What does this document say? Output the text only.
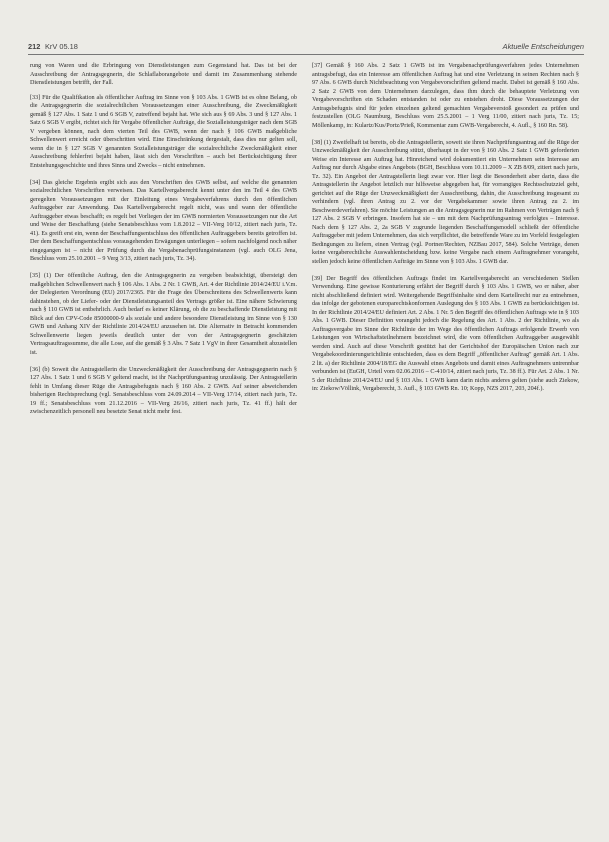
212 KrV 05.18	Aktuelle Entscheidungen

rung von Waren und die Erbringung von Dienstleistungen zum Gegenstand hat. Das ist bei der Ausschreibung der Antragsgegnerin, die Schlaflaborangebote und damit im Zusammenhang stehende Dienstleistungen betrifft, der Fall.

[33] Für die Qualifikation als öffentlicher Auftrag im Sinne von § 103 Abs. 1 GWB ist es ohne Belang, ob die Antragsgegnerin die sozialrechtlichen Voraussetzungen einer Ausschreibung, die Zweckmäßigkeit gemäß § 127 Abs. 1 Satz 1 und 6 SGB V, zutreffend bejaht hat. Wie sich aus § 69 Abs. 3 und § 127 Abs. 1 Satz 6 SGB V ergibt, richtet sich für Vergabe öffentlicher Aufträge, die Sozialleistungsträger nach dem SGB V vergeben können, nach dem vierten Teil des GWB, wenn der nach § 106 GWB maßgebliche Schwellenwert erreicht oder überschritten wird. Eine Einschränkung dergestalt, dass dies nur gelten soll, wenn die in § 127 SGB V genannten Sozialleistungsträger die sozialrechtliche Zweckmäßigkeit einer Ausschreibung fehlerfrei bejaht haben, lässt sich den Vorschriften – auch bei Berücksichtigung ihrer Entstehungsgeschichte und ihres Sinns und Zwecks – nicht entnehmen.

[34] Das gleiche Ergebnis ergibt sich aus den Vorschriften des GWB selbst, auf welche die genannten sozialrechtlichen Vorschriften verweisen. Das Kartellvergaberecht kennt unter den im Teil 4 des GWB geregelten Voraussetzungen mit der Einleitung eines Vergabeverfahrens durch den öffentlichen Auftraggeber zur Anwendung. Das Kartellvergaberecht regelt nicht, was und wann der öffentliche Auftraggeber etwas beschafft; es regelt bei Vorliegen der im GWB normierten Voraussetzungen nur die Art und Weise der Beschaffung (siehe Senatsbeschluss vom 1.8.2012 – VII-Verg 10/12, zitiert nach juris, Tz. 41). Es greift erst ein, wenn der Beschaffungsentschluss des öffentlichen Auftraggebers bereits getroffen ist. Der dem Beschaffungsentschluss vorausgehenden Erwägungen unterliegen – sofern nachfolgend noch näher eingegangen ist – nicht der Prüfung durch die Vergabenachprüfungsinstanzen (vgl. auch OLG Jena, Beschluss vom 25.10.2001 – 9 Verg 3/13, zitiert nach juris, Tz. 34).

[35] (1) Der öffentliche Auftrag, den die Antragsgegnerin zu vergeben beabsichtigt, übersteigt den maßgeblichen Schwellenwert nach § 106 Abs. 1 Abs. 2 Nr. 1 GWB, Art. 4 der Richtlinie 2014/24/EU i.V.m. der Delegierten Verordnung (EU) 2017/2365. Für die Frage des Überschreitens des Schwellenwerts kann dahinstehen, ob der Liefer- oder der Dienstleistungsanteil des Vertrags größer ist. Eine nähere Schwierung nach § 110 GWB ist entbehrlich. Auch bedarf es keiner Klärung, ob die zu beschaffende Dienstleistung mit Blick auf den CPV-Code 85000000-9 als soziale und andere besondere Dienstleistung im Sinne von § 130 GWB und Anhang XIV der Richtlinie 2014/24/EU anzusehen ist. Die Alternativ in Betracht kommenden Schwellenwerte liegen jeweils deutlich unter der von der Antragsgegnerin geschätzten Vertragsauftragssumme, die alle Lose, auf die gemäß § 3 Abs. 7 Satz 1 VgV in ihrer Gesamtheit abzustellen ist.

[36] (b) Soweit die Antragstellerin die Unzweckmäßigkeit der Ausschreibung der Antragsgegnerin nach § 127 Abs. 1 Satz 1 und 6 SGB V geltend macht, ist ihr Nachprüfungsantrag unzulässig. Der Antragstellerin fehlt in Umfang dieser Rüge die Antragsbefugnis nach § 160 Abs. 2 GWB. Auf seiner abweichenden bisherigen Rechtsprechung (vgl. Senatsbeschluss vom 24.09.2014 – VII-Verg 17/14, zitiert nach juris, Tz. 19 ff.; Senatsbeschluss vom 21.12.2016 – VII-Verg 26/16, zitiert nach juris, Tz. 41 ff.) hält der zwischenzeitlich personell neu besetzte Senat nicht mehr fest.

[37] Gemäß § 160 Abs. 2 Satz 1 GWB ist im Vergabenachprüfungsverfahren jedes Unternehmen antragsbefugt, das ein Interesse am öffentlichen Auftrag hat und eine Verletzung in seinen Rechten nach § 97 Abs. 6 GWB durch Nichtbeachtung von Vergabevorschriften geltend macht. Dabei ist gemäß § 160 Abs. 2 Satz 2 GWB von dem Unternehmen darzulegen, dass ihm durch die behauptete Verletzung von Vergabevorschriften ein Schaden entstanden ist oder zu entstehen droht. Diese Voraussetzungen der Antragsbefugnis sind für jeden einzelnen geltend gemachten Vergabeverstoß gesondert zu prüfen und festzustellen (OLG Naumburg, Beschluss vom 25.5.2001 – 1 Verg 11/00, zitiert nach juris, Tz. 15; Möllenkamp, in: Kulartz/Kus/Portz/Prieß, Kommentar zum GWB-Vergaberecht, 4. Aufl., § 160 Rn. 58).

[38] (1) Zweifelhaft ist bereits, ob die Antragstellerin, soweit sie ihren Nachprüfungsantrag auf die Rüge der Unzweckmäßigkeit der Ausschreibung stützt, überhaupt in der von § 160 Abs. 2 Satz 1 GWB geforderten Weise ein Interesse am Auftrag hat. Hinreichend wird dokumentiert ein Unternehmen sein Interesse am Auftrag nur durch Abgabe eines Angebots (BGH, Beschluss vom 10.11.2009 – X ZB 8/09, zitiert nach juris, Tz. 32). Ein Angebot der Antragstellerin liegt zwar vor. Hier liegt die Besonderheit aber darin, dass die Antragstellerin ihr Angebot letztlich nur hilfsweise abgegeben hat, für vorrangiges Rechtsschutzziel geht, gerichtet auf die Rüge der Unzweckmäßigkeit der Ausschreibung, dahin, die Ausschreibung insgesamt zu verhindern (vgl. ihren Antrag zu 2. vor der Vergabekammer sowie ihren Antrag zu 2. im Beschwerdeverfahren). Sie möchte Leistungen an die Antragsgegnerin nur im Rahmen von Verträgen nach § 127 Abs. 2 SGB V erbringen. Insofern hat sie – um mit dem Nachprüfungsantrag verfolgtes – Interesse. Nach dem § 127 Abs. 2, 2a SGB V zugrunde liegenden Beschaffungsmodell schließt der öffentliche Auftraggeber mit jedem Unternehmen, das sich verpflichtet, die betreffende Ware zu im Vorfeld festgelegten Bedingungen zu liefern, einen Vertrag (vgl. Portner/Rechten, NZBau 2017, 584). Solche Verträge, denen keine vergaberechtliche Auswahlentscheidung bzw. keine Vergabe nach einem Auftragnehmer vorangeht, stellen jedoch keine öffentlichen Aufträge im Sinne von § 103 Abs. 1 GWB dar.

[39] Der Begriff des öffentlichen Auftrags findet im Kartellvergaberecht an verschiedenen Stellen Verwendung. Eine gewisse Konturierung erfährt der Begriff durch § 103 Abs. 1 GWB, wo er näher, aber nicht abschließend definiert wird. Weitergehende Begriffsinhalte sind dem Kartellrecht nur zu entnehmen, das infolge der gebotenen europarechtskonformen Auslegung des § 103 Abs. 1 GWB zu berücksichtigen ist. In der Richtlinie 2014/24/EU definiert Art. 2 Abs. 1 Nr. 5 den Begriff des öffentlichen Auftrags wie in § 103 Abs. 1 GWB. Dieser Definition vorangeht jedoch die Regelung des Art. 1 Abs. 2 der Richtlinie, wo als Auftragsvergabe im Sinne der Richtlinie der im Wege des öffentlichen Auftrags erfolgende Erwerb von Leistungen von Wirtschaftsteilnehmern bezeichnet wird, die vom öffentlichen Auftraggeber ausgewählt werden sind. Auch auf diese Vorschrift gestützt hat der Gerichtshof der Europäischen Union nach zur Vergabekoordinierungsrichtlinie entschieden, dass es dem Begriff „öffentlicher Auftrag" gemäß Art. 1 Abs. 2 lit. a) der Richtlinie 2004/18/EG die Auswahl eines Angebots und damit eines Auftragnehmers untrennbar verbunden ist (EuGH, Urteil vom 02.06.2016 – C-410/14, zitiert nach juris, Tz. 38 ff.). Für Art. 2 Abs. 1 Nr. 5 der Richtlinie 2014/24/EU und § 103 Abs. 1 GWB kann darin nichts anderes gelten (siehe auch Ziekow, in: Ziekow/Völlink, Vergaberecht, 3. Aufl., § 103 GWB Rn. 10; Kopp, NZS 2017, 203, 204f.).
